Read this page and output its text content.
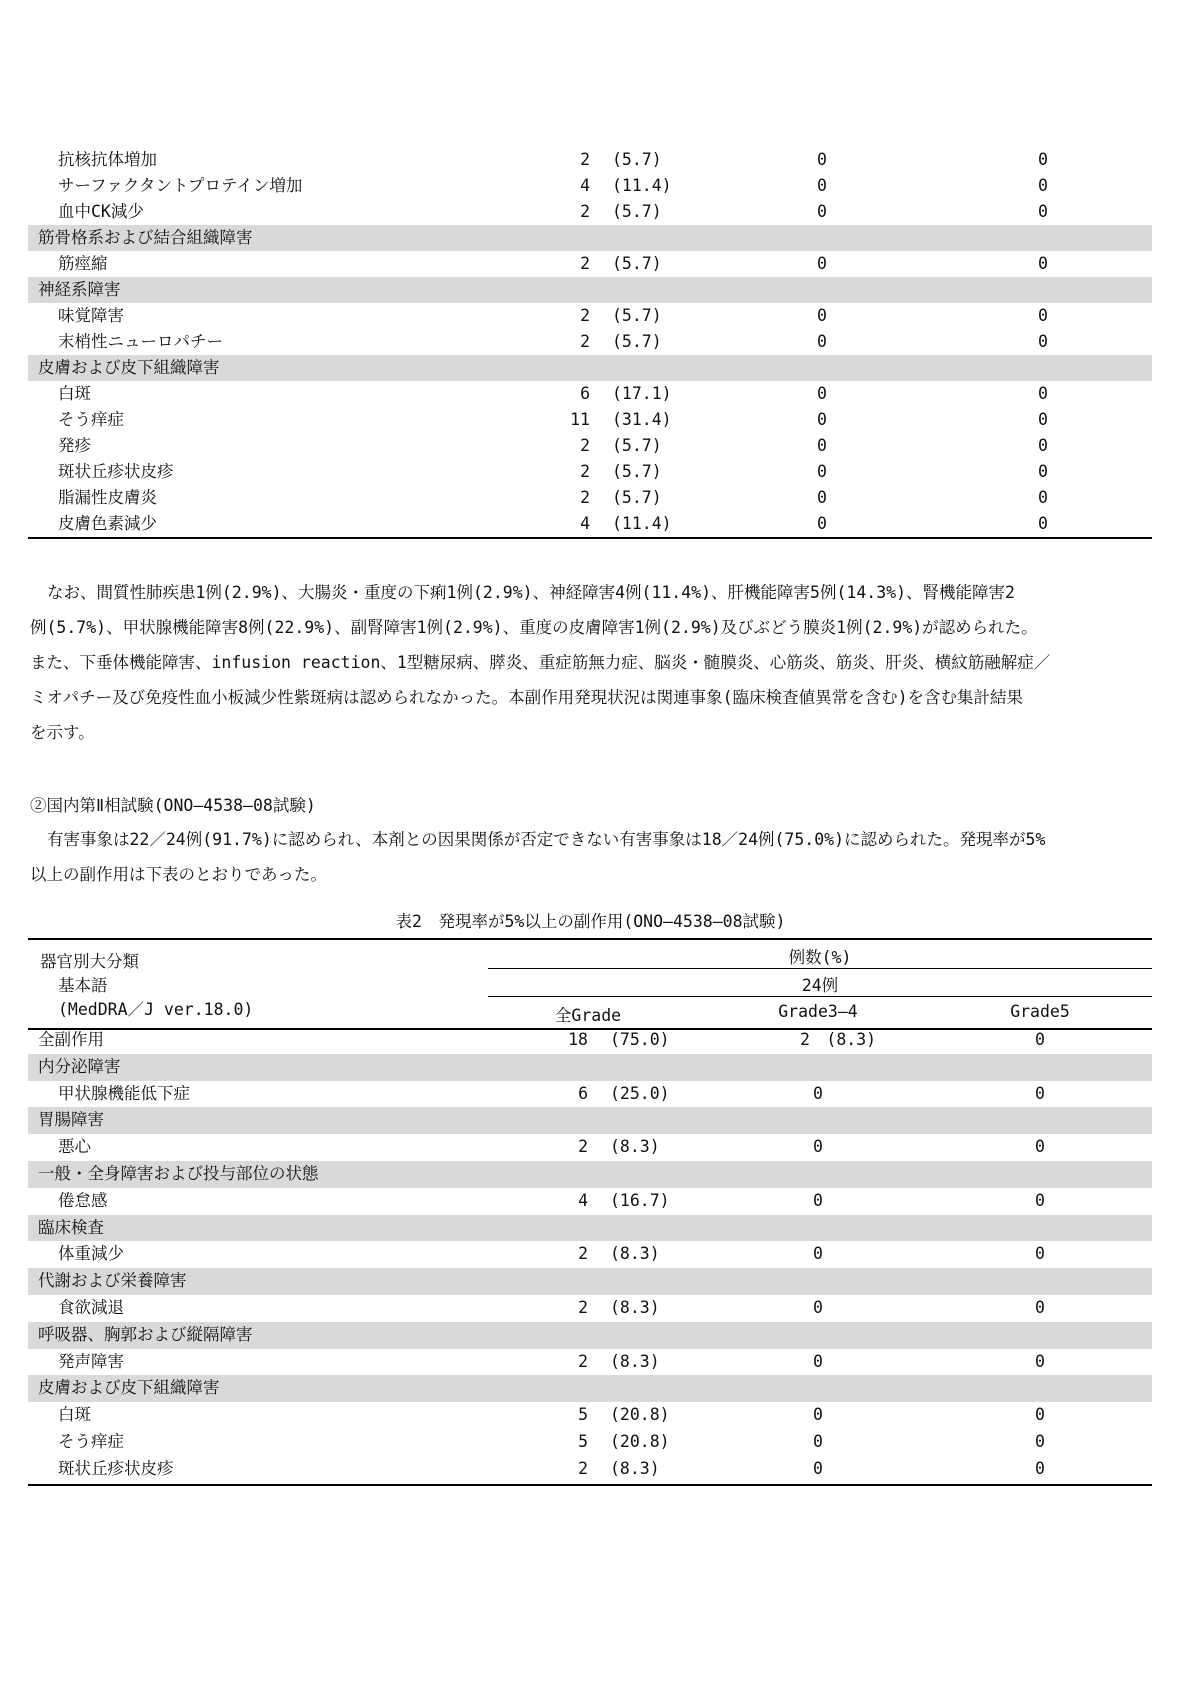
抗核抗体増加	2 (5.7)	0	0
サーファクタントプロテイン増加	4 (11.4)	0	0
血中CK減少	2 (5.7)	0	0
筋骨格系および結合組織障害
筋痙縮	2 (5.7)	0	0
神経系障害
味覚障害	2 (5.7)	0	0
末梢性ニューロパチー	2 (5.7)	0	0
皮膚および皮下組織障害
白斑	6 (17.1)	0	0
そう痒症	11 (31.4)	0	0
発疹	2 (5.7)	0	0
斑状丘疹状皮疹	2 (5.7)	0	0
脂漏性皮膚炎	2 (5.7)	0	0
皮膚色素減少	4 (11.4)	0	0

なお、間質性肺疾患1例(2.9%)、大腸炎・重度の下痢1例(2.9%)、神経障害4例(11.4%)、肝機能障害5例(14.3%)、腎機能障害2

例(5.7%)、甲状腺機能障害8例(22.9%)、副腎障害1例(2.9%)、重度の皮膚障害1例(2.9%)及びぶどう膜炎1例(2.9%)が認められた。

また、下垂体機能障害、infusion reaction、1型糖尿病、膵炎、重症筋無力症、脳炎・髄膜炎、心筋炎、筋炎、肝炎、横紋筋融解症／

ミオパチー及び免疫性血小板減少性紫斑病は認められなかった。本副作用発現状況は関連事象(臨床検査値異常を含む)を含む集計結果

を示す。

②国内第Ⅱ相試験(ONO―4538―08試験)

有害事象は22／24例(91.7%)に認められ、本剤との因果関係が否定できない有害事象は18／24例(75.0%)に認められた。発現率が5%

以上の副作用は下表のとおりであった。

表2　発現率が5%以上の副作用(ONO―4538―08試験)
器官別大分類
基本語
(MedDRA／J ver.18.0)
例数(%)
24例
全Grade	Grade3―4	Grade5
全副作用	18 (75.0)	2　(8.3)	0
内分泌障害
甲状腺機能低下症	6 (25.0)	0	0
胃腸障害
悪心	2 (8.3)	0	0
一般・全身障害および投与部位の状態
倦怠感	4 (16.7)	0	0
臨床検査
体重減少	2 (8.3)	0	0
代謝および栄養障害
食欲減退	2 (8.3)	0	0
呼吸器、胸郭および縦隔障害
発声障害	2 (8.3)	0	0
皮膚および皮下組織障害
白斑	5 (20.8)	0	0
そう痒症	5 (20.8)	0	0
斑状丘疹状皮疹	2 (8.3)	0	0
